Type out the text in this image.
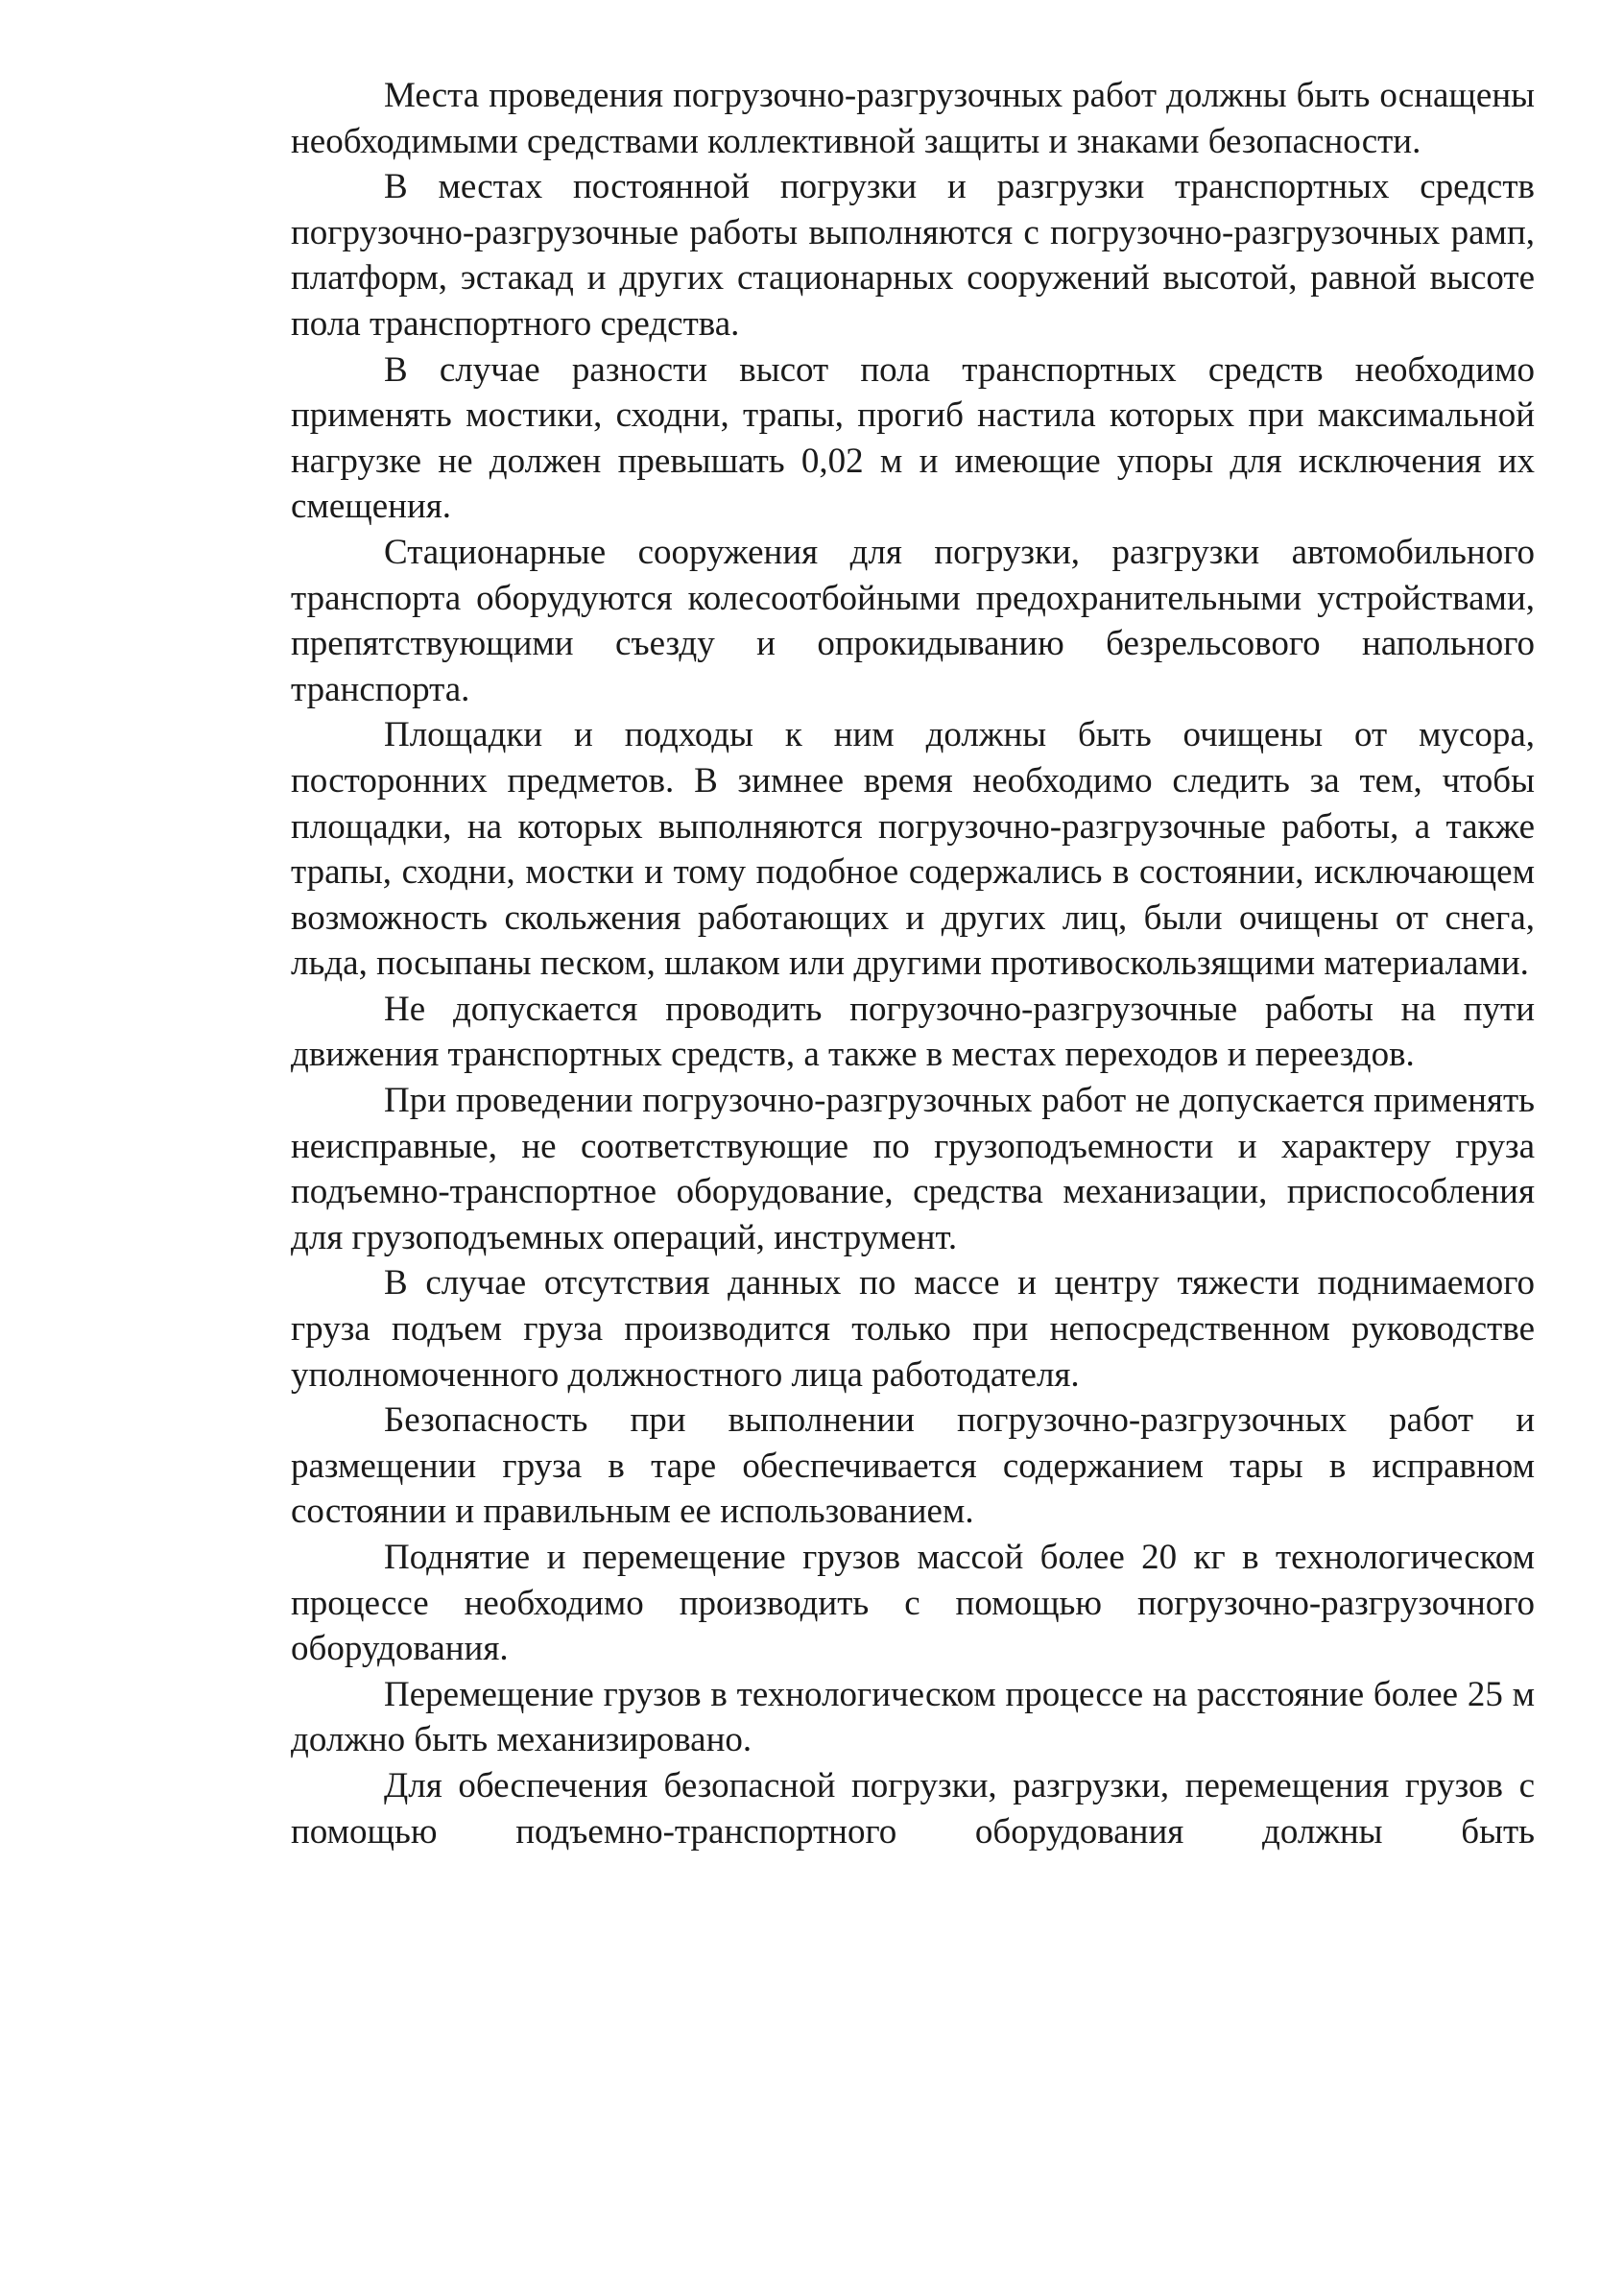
Места проведения погрузочно-разгрузочных работ должны быть оснащены необходимыми средствами коллективной защиты и знаками безопасности.

В местах постоянной погрузки и разгрузки транспортных средств погрузочно-разгрузочные работы выполняются с погрузочно-разгрузочных рамп, платформ, эстакад и других стационарных сооружений высотой, равной высоте пола транспортного средства.

В случае разности высот пола транспортных средств необходимо применять мостики, сходни, трапы, прогиб настила которых при максимальной нагрузке не должен превышать 0,02 м и имеющие упоры для исключения их смещения.

Стационарные сооружения для погрузки, разгрузки автомобильного транспорта оборудуются колесоотбойными предохранительными устройствами, препятствующими съезду и опрокидыванию безрельсового напольного транспорта.

Площадки и подходы к ним должны быть очищены от мусора, посторонних предметов. В зимнее время необходимо следить за тем, чтобы площадки, на которых выполняются погрузочно-разгрузочные работы, а также трапы, сходни, мостки и тому подобное содержались в состоянии, исключающем возможность скольжения работающих и других лиц, были очищены от снега, льда, посыпаны песком, шлаком или другими противоскользящими материалами.

Не допускается проводить погрузочно-разгрузочные работы на пути движения транспортных средств, а также в местах переходов и переездов.

При проведении погрузочно-разгрузочных работ не допускается применять неисправные, не соответствующие по грузоподъемности и характеру груза подъемно-транспортное оборудование, средства механизации, приспособления для грузоподъемных операций, инструмент.

В случае отсутствия данных по массе и центру тяжести поднимаемого груза подъем груза производится только при непосредственном руководстве уполномоченного должностного лица работодателя.

Безопасность при выполнении погрузочно-разгрузочных работ и размещении груза в таре обеспечивается содержанием тары в исправном состоянии и правильным ее использованием.

Поднятие и перемещение грузов массой более 20 кг в технологическом процессе необходимо производить с помощью погрузочно-разгрузочного оборудования.

Перемещение грузов в технологическом процессе на расстояние более 25 м должно быть механизировано.

Для обеспечения безопасной погрузки, разгрузки, перемещения грузов с помощью подъемно-транспортного оборудования должны быть
